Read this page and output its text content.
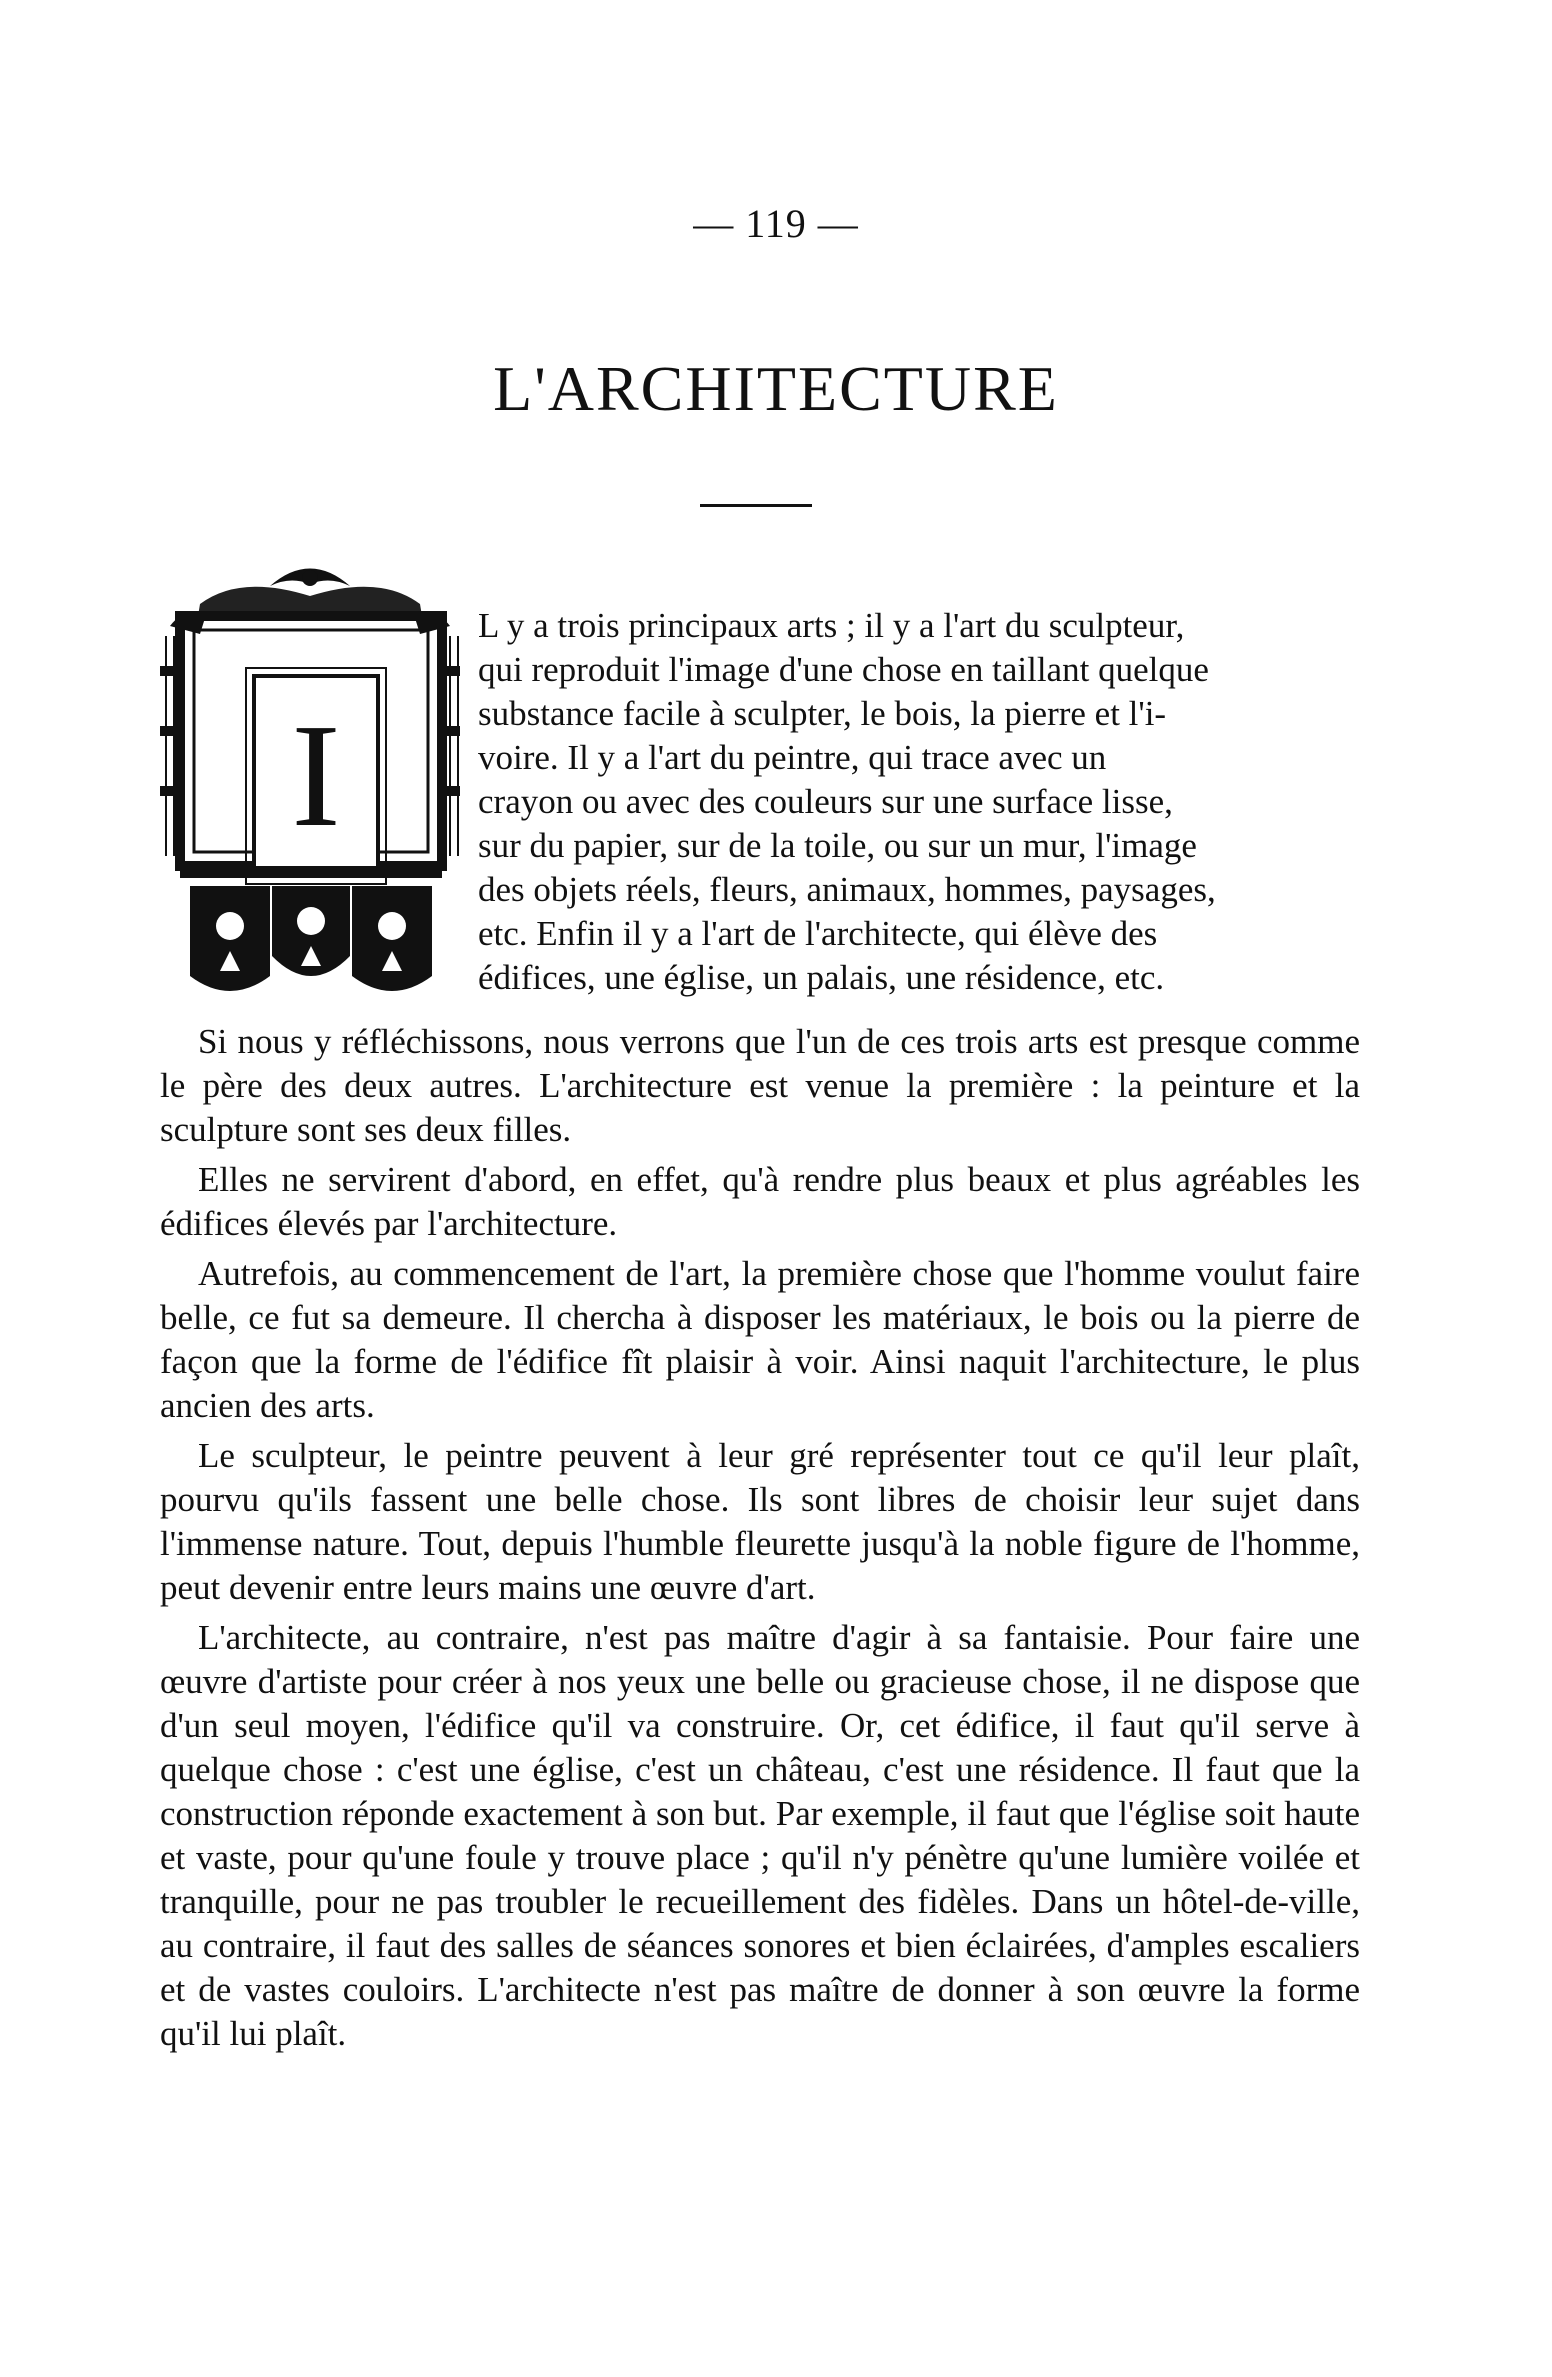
— 119 —
L'ARCHITECTURE
I
L y a trois principaux arts ; il y a l'art du sculpteur,
qui reproduit l'image d'une chose en taillant quelque
substance facile à sculpter, le bois, la pierre et l'i-
voire. Il y a l'art du peintre, qui trace avec un
crayon ou avec des couleurs sur une surface lisse,
sur du papier, sur de la toile, ou sur un mur, l'image
des objets réels, fleurs, animaux, hommes, paysages,
etc. Enfin il y a l'art de l'architecte, qui élève des
édifices, une église, un palais, une résidence, etc.

Si nous y réfléchissons, nous verrons que l'un de ces trois arts est presque comme le père des deux autres. L'architecture est venue la première : la peinture et la sculpture sont ses deux filles.

Elles ne servirent d'abord, en effet, qu'à rendre plus beaux et plus agréables les édifices élevés par l'architecture.

Autrefois, au commencement de l'art, la première chose que l'homme voulut faire belle, ce fut sa demeure. Il chercha à disposer les matériaux, le bois ou la pierre de façon que la forme de l'édifice fît plaisir à voir. Ainsi naquit l'architecture, le plus ancien des arts.

Le sculpteur, le peintre peuvent à leur gré représenter tout ce qu'il leur plaît, pourvu qu'ils fassent une belle chose. Ils sont libres de choisir leur sujet dans l'immense nature. Tout, depuis l'humble fleurette jusqu'à la noble figure de l'homme, peut devenir entre leurs mains une œuvre d'art.

L'architecte, au contraire, n'est pas maître d'agir à sa fantaisie. Pour faire une œuvre d'artiste pour créer à nos yeux une belle ou gracieuse chose, il ne dispose que d'un seul moyen, l'édifice qu'il va construire. Or, cet édifice, il faut qu'il serve à quelque chose : c'est une église, c'est un château, c'est une résidence. Il faut que la construction réponde exactement à son but. Par exemple, il faut que l'église soit haute et vaste, pour qu'une foule y trouve place ; qu'il n'y pénètre qu'une lumière voilée et tranquille, pour ne pas troubler le recueillement des fidèles. Dans un hôtel-de-ville, au contraire, il faut des salles de séances sonores et bien éclairées, d'amples escaliers et de vastes couloirs. L'architecte n'est pas maître de donner à son œuvre la forme qu'il lui plaît.
